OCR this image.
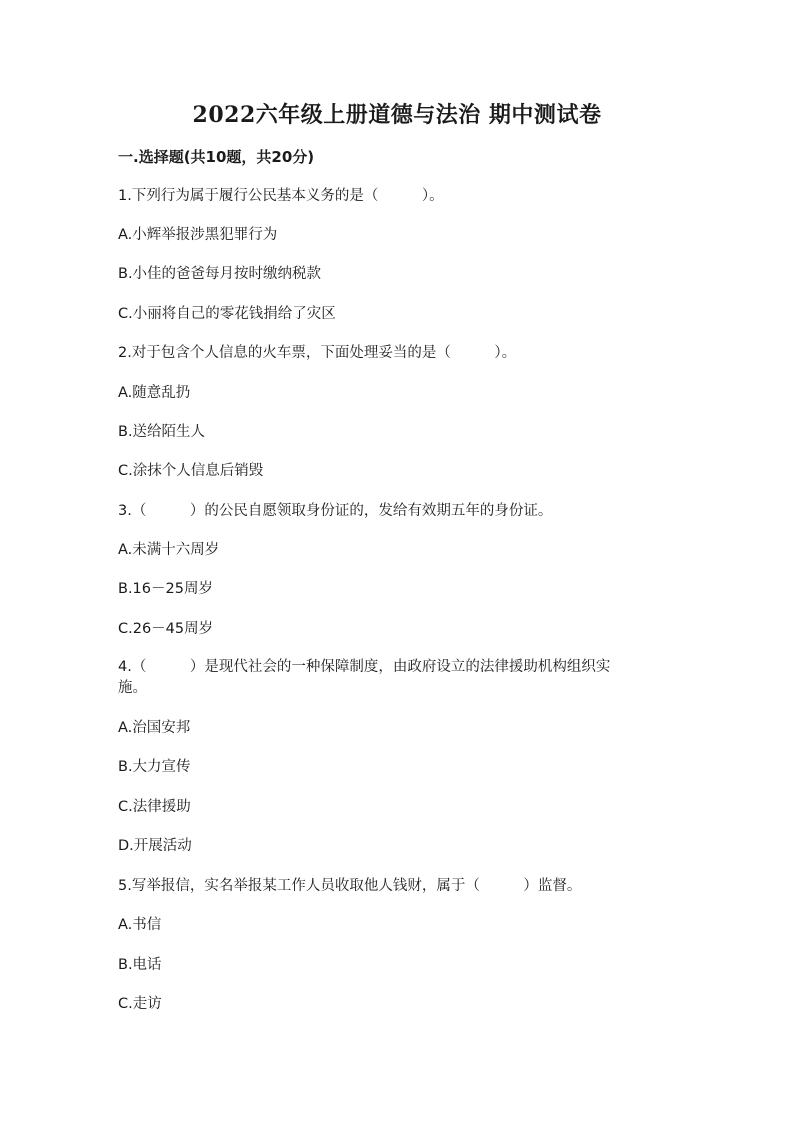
2022六年级上册道德与法治 期中测试卷
一.选择题(共10题，共20分)
1.下列行为属于履行公民基本义务的是（　　　）。
A.小辉举报涉黑犯罪行为
B.小佳的爸爸每月按时缴纳税款
C.小丽将自己的零花钱捐给了灾区
2.对于包含个人信息的火车票，下面处理妥当的是（　　　）。
A.随意乱扔
B.送给陌生人
C.涂抹个人信息后销毁
3.（　　　）的公民自愿领取身份证的，发给有效期五年的身份证。
A.未满十六周岁
B.16－25周岁
C.26－45周岁
4.（　　　）是现代社会的一种保障制度，由政府设立的法律援助机构组织实
施。
A.治国安邦
B.大力宣传
C.法律援助
D.开展活动
5.写举报信，实名举报某工作人员收取他人钱财，属于（　　　）监督。
A.书信
B.电话
C.走访
